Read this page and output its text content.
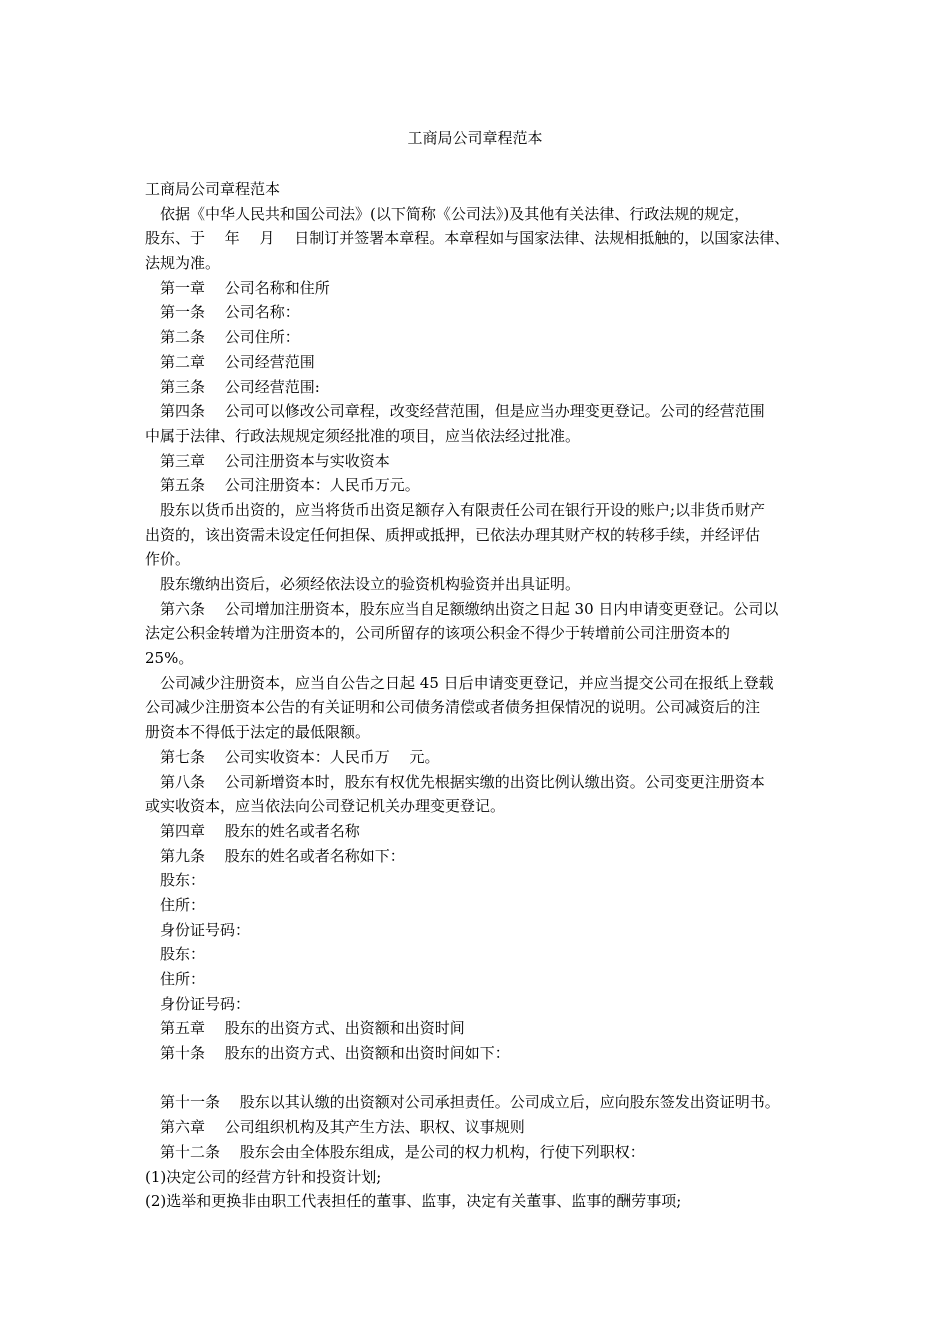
工商局公司章程范本
工商局公司章程范本
依据《中华人民共和国公司法》(以下简称《公司法》)及其他有关法律、行政法规的规定，
股东、于　 年　 月　 日制订并签署本章程。本章程如与国家法律、法规相抵触的，以国家法律、
法规为准。
第一章　 公司名称和住所
第一条　 公司名称：
第二条　 公司住所：
第二章　 公司经营范围
第三条　 公司经营范围:
第四条　 公司可以修改公司章程，改变经营范围，但是应当办理变更登记。公司的经营范围
中属于法律、行政法规规定须经批准的项目，应当依法经过批准。
第三章　 公司注册资本与实收资本
第五条　 公司注册资本：人民币万元。
股东以货币出资的，应当将货币出资足额存入有限责任公司在银行开设的账户;以非货币财产
出资的，该出资需未设定任何担保、质押或抵押，已依法办理其财产权的转移手续，并经评估
作价。
股东缴纳出资后，必须经依法设立的验资机构验资并出具证明。
第六条　 公司增加注册资本，股东应当自足额缴纳出资之日起 30 日内申请变更登记。公司以
法定公积金转增为注册资本的，公司所留存的该项公积金不得少于转增前公司注册资本的
25%。
公司减少注册资本，应当自公告之日起 45 日后申请变更登记，并应当提交公司在报纸上登载
公司减少注册资本公告的有关证明和公司债务清偿或者债务担保情况的说明。公司减资后的注
册资本不得低于法定的最低限额。
第七条　 公司实收资本：人民币万　 元。
第八条　 公司新增资本时，股东有权优先根据实缴的出资比例认缴出资。公司变更注册资本
或实收资本，应当依法向公司登记机关办理变更登记。
第四章　 股东的姓名或者名称
第九条　 股东的姓名或者名称如下：
股东：
住所：
身份证号码：
股东：
住所：
身份证号码：
第五章　 股东的出资方式、出资额和出资时间
第十条　 股东的出资方式、出资额和出资时间如下：
第十一条　 股东以其认缴的出资额对公司承担责任。公司成立后，应向股东签发出资证明书。
第六章　 公司组织机构及其产生方法、职权、议事规则
第十二条　 股东会由全体股东组成，是公司的权力机构，行使下列职权：
(1)决定公司的经营方针和投资计划;
(2)选举和更换非由职工代表担任的董事、监事，决定有关董事、监事的酬劳事项;
